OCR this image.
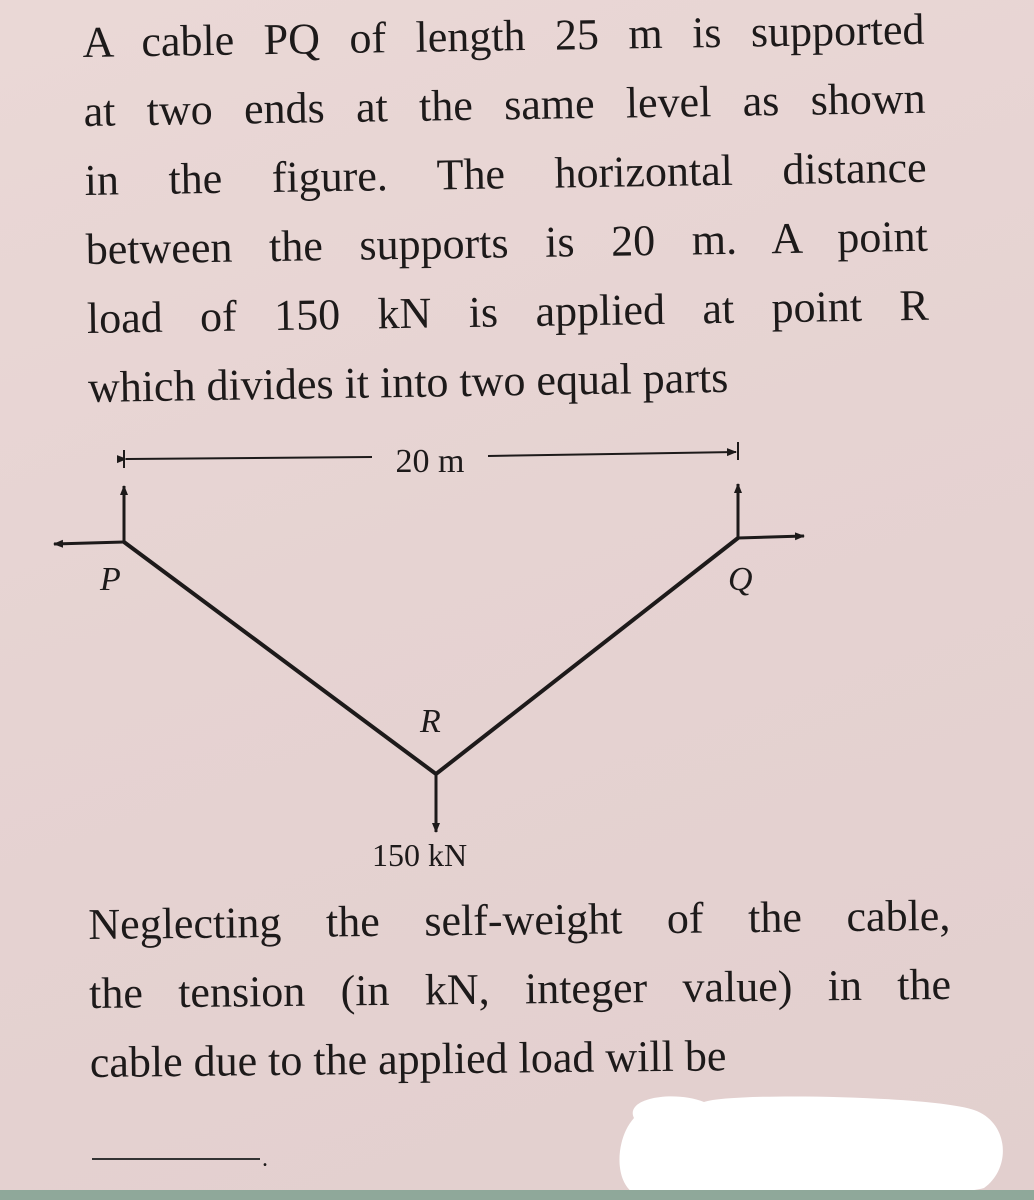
A cable PQ of length 25 m is supported
at two ends at the same level as shown
in the figure. The horizontal distance
between the supports is 20 m. A point
load of 150 kN is applied at point R
which divides it into two equal parts
20 m
P	Q
R
150 kN
Neglecting the self-weight of the cable,
the tension (in kN, integer value) in the
cable due to the applied load will be
.
